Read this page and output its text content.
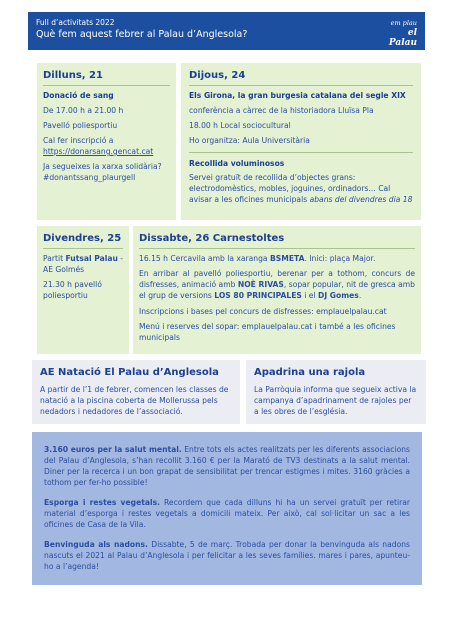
Full d’activitats 2022
Què fem aquest febrer al Palau d’Anglesola?
em plau
el Palau
Dilluns, 21
Donació de sang
De 17.00 h a 21.00 h
Pavelló poliesportiu
Cal fer inscripció a
https://donarsang.gencat.cat
Ja segueixes la xarxa solidària?
#donantssang_plaurgell
Dijous, 24
Els Girona, la gran burgesia catalana del segle XIX
conferència a càrrec de la historiadora Lluïsa Pla
18.00 h Local sociocultural
Ho organitza: Aula Universitària
Recollida voluminosos
Servei gratuït de recollida d’objectes grans: electrodomèstics, mobles, joguines, ordinadors... Cal avisar a les oficines municipals abans del divendres dia 18
Divendres, 25
Partit Futsal Palau - AE Golmés
21.30 h pavelló poliesportiu
Dissabte, 26 Carnestoltes
16.15 h Cercavila amb la xaranga BSMETA. Inici: plaça Major.
En arribar al pavelló poliesportiu, berenar per a tothom, concurs de disfresses, animació amb NOÈ RIVAS, sopar popular, nit de gresca amb el grup de versions LOS 80 PRINCIPALES i el DJ Gomes.
Inscripcions i bases pel concurs de disfresses: emplauelpalau.cat
Menú i reserves del sopar: emplauelpalau.cat i també a les oficines municipals
AE Natació El Palau d’Anglesola
A partir de l’1 de febrer, comencen les classes de natació a la piscina coberta de Mollerussa pels nedadors i nedadores de l’associació.
Apadrina una rajola
La Parròquia informa que segueix activa la campanya d’apadrinament de rajoles per a les obres de l’església.
3.160 euros per la salut mental. Entre tots els actes realitzats per les diferents associacions del Palau d’Anglesola, s’han recollit 3.160 € per la Marató de TV3 destinats a la salut mental. Diner per la recerca i un bon grapat de sensibilitat per trencar estigmes i mites. 3160 gràcies a tothom per fer-ho possible!
Esporga i restes vegetals. Recordem que cada dilluns hi ha un servei gratuït per retirar material d’esporga i restes vegetals a domicili mateix. Per això, cal sol·licitar un sac a les oficines de Casa de la Vila.
Benvinguda als nadons. Dissabte, 5 de març. Trobada per donar la benvinguda als nadons nascuts el 2021 al Palau d’Anglesola i per felicitar a les seves famílies. mares i pares, apunteu-ho a l’agenda!
